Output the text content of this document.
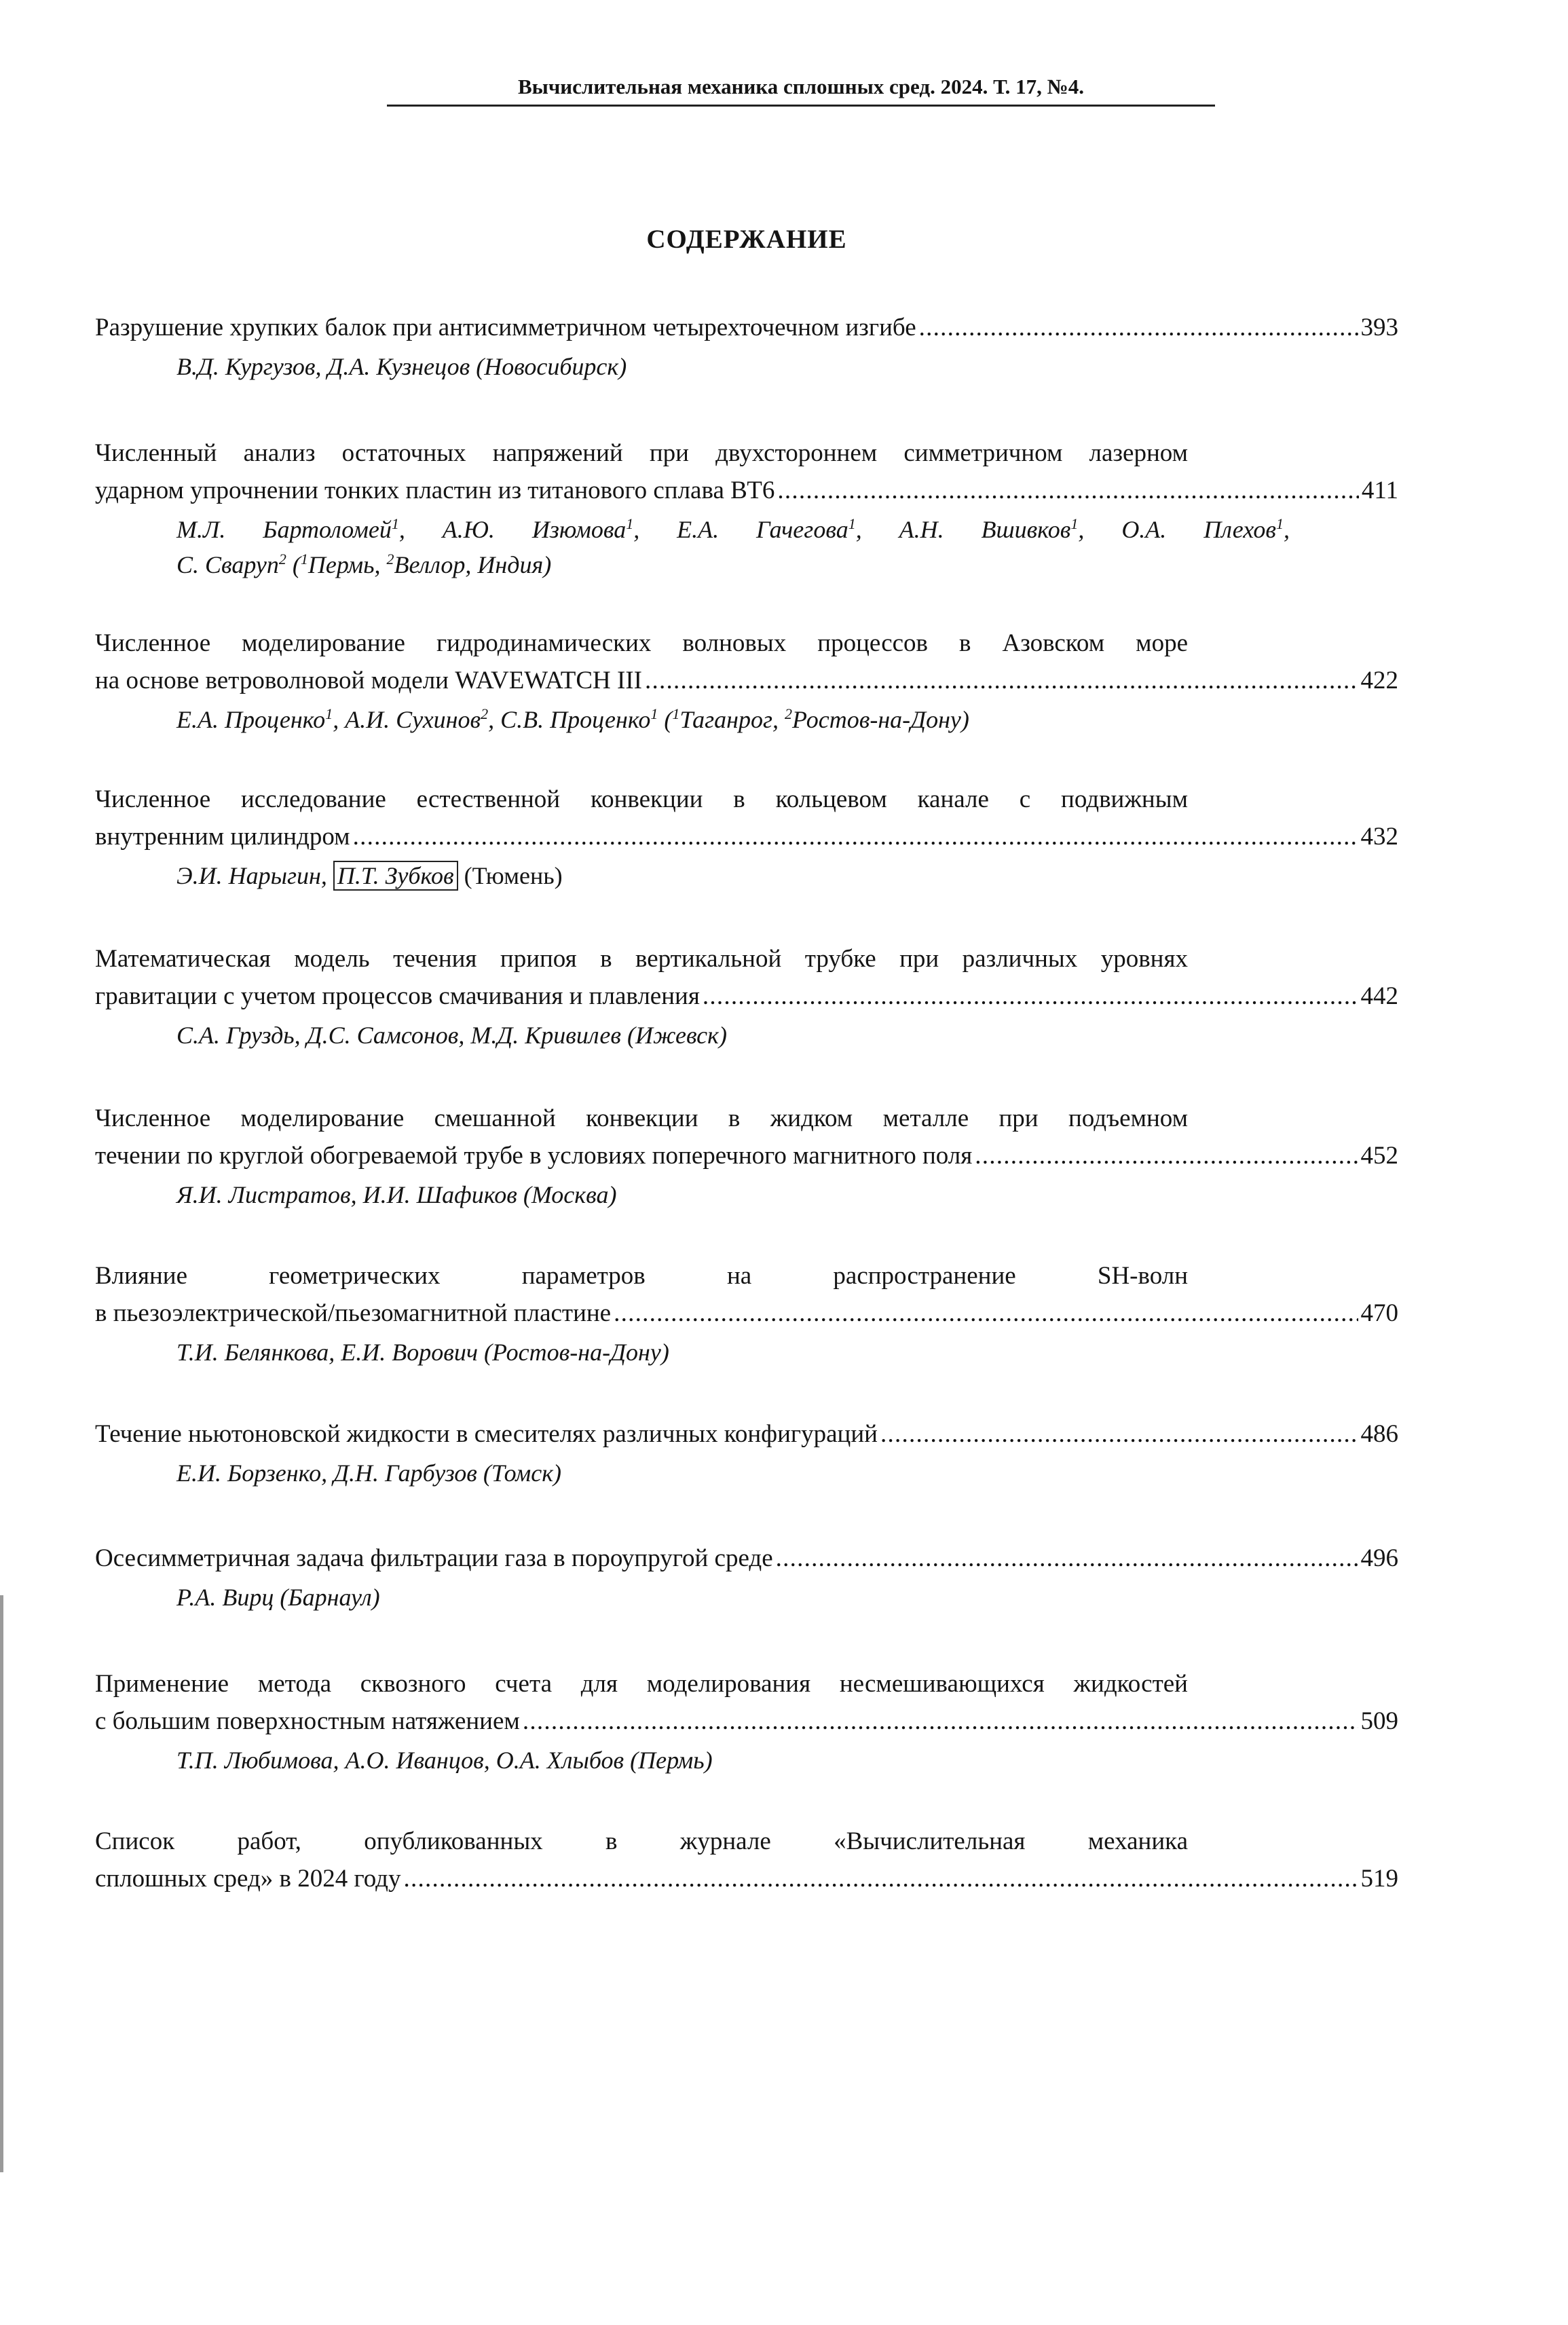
Вычислительная механика сплошных сред. 2024. Т. 17, №4.
СОДЕРЖАНИЕ
Разрушение хрупких балок при антисимметричном четырехточечном изгибе . . .	393
В.Д. Кургузов, Д.А. Кузнецов (Новосибирск)
Численный анализ остаточных напряжений при двухстороннем симметричном лазерном
ударном упрочнении тонких пластин из титанового сплава ВТ6 . . .	411
М.Л. Бартоломей$^1$, А.Ю. Изюмова$^1$, Е.А. Гачегова$^1$, А.Н. Вшивков$^1$, О.А. Плехов$^1$,
С. Сваруп$^2$ ($^1$Пермь, $^2$Веллор, Индия)
Численное моделирование гидродинамических волновых процессов в Азовском море
на основе ветроволновой модели WAVEWATCH III . . .	422
Е.А. Проценко$^1$, А.И. Сухинов$^2$, С.В. Проценко$^1$ ($^1$Таганрог, $^2$Ростов-на-Дону)
Численное исследование естественной конвекции в кольцевом канале с подвижным
внутренним цилиндром . . .	432
Э.И. Нарыгин, П.Т. Зубков (Тюмень)
Математическая модель течения припоя в вертикальной трубке при различных уровнях
гравитации с учетом процессов смачивания и плавления . . .	442
С.А. Груздь, Д.С. Самсонов, М.Д. Кривилев (Ижевск)
Численное моделирование смешанной конвекции в жидком металле при подъемном
течении по круглой обогреваемой трубе в условиях поперечного магнитного поля . . .	452
Я.И. Листратов, И.И. Шафиков (Москва)
Влияние геометрических параметров на распространение SH-волн
в пьезоэлектрической/пьезомагнитной пластине . . .	470
Т.И. Белянкова, Е.И. Ворович (Ростов-на-Дону)
Течение ньютоновской жидкости в смесителях различных конфигураций . . .	486
Е.И. Борзенко, Д.Н. Гарбузов (Томск)
Осесимметричная задача фильтрации газа в пороупругой среде . . .	496
Р.А. Вирц (Барнаул)
Применение метода сквозного счета для моделирования несмешивающихся жидкостей
с большим поверхностным натяжением . . .	509
Т.П. Любимова, А.О. Иванцов, О.А. Хлыбов (Пермь)
Список работ, опубликованных в журнале «Вычислительная механика
сплошных сред» в 2024 году . . .	519
